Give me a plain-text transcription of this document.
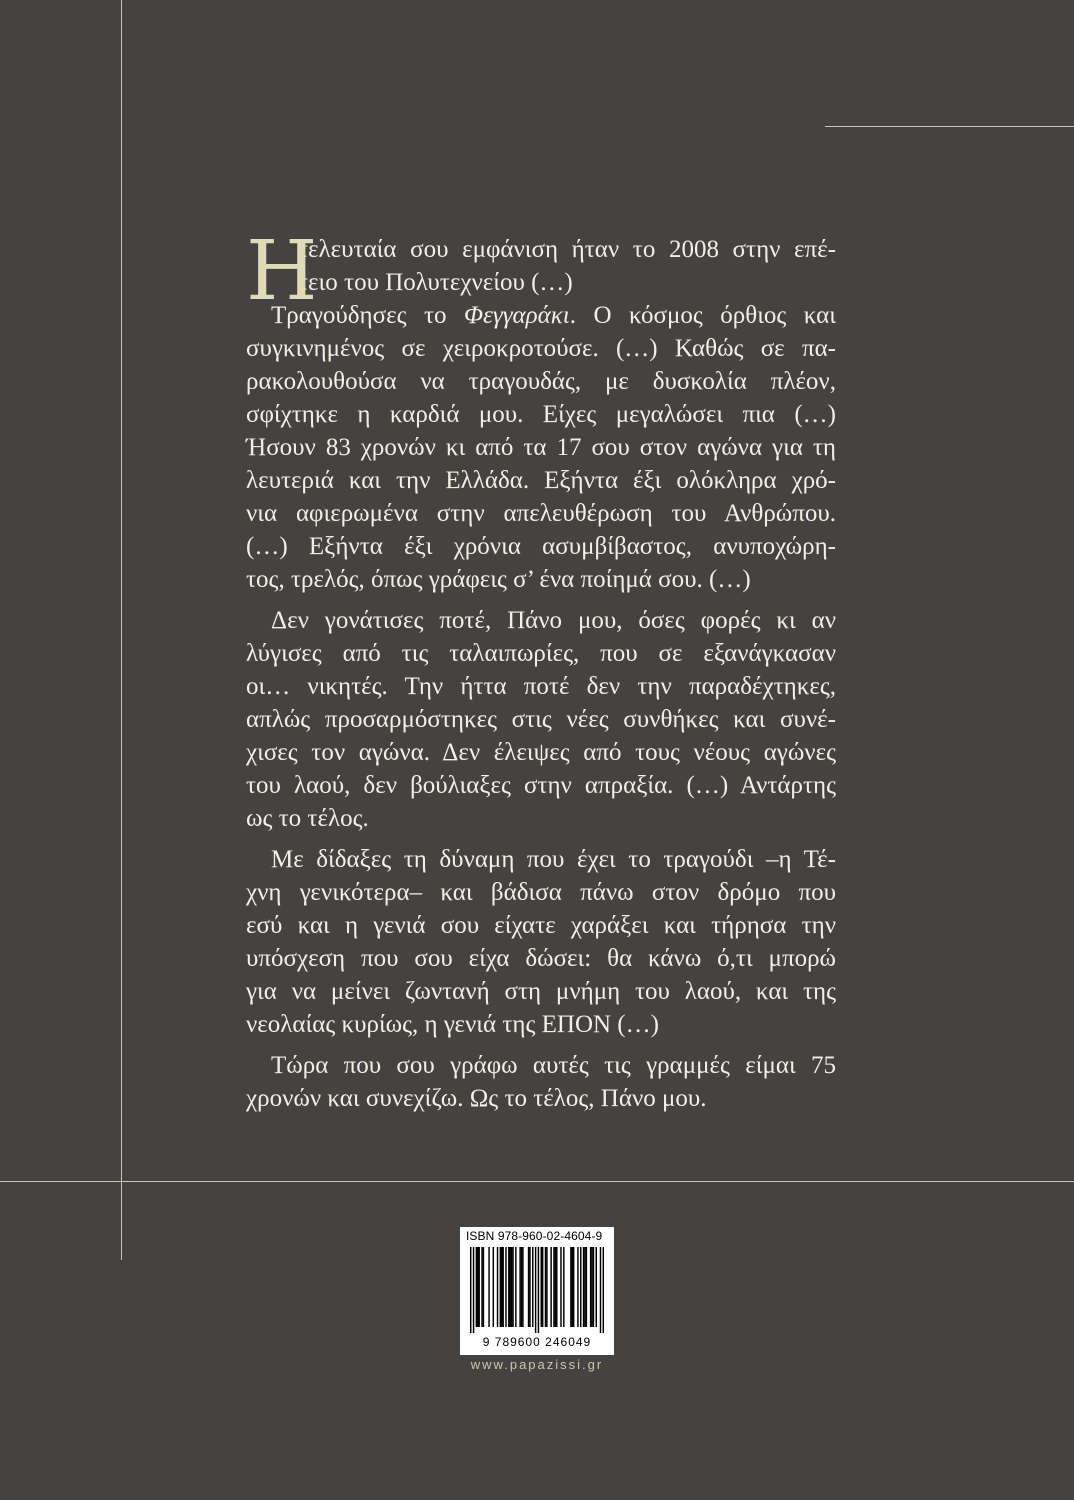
Η
τελευταία σου εμφάνιση ήταν το 2008 στην επέ-
τειο του Πολυτεχνείου (…)
Τραγούδησες το Φεγγαράκι. Ο κόσμος όρθιος και
συγκινημένος σε χειροκροτούσε. (…) Καθώς σε πα-
ρακολουθούσα να τραγουδάς, με δυσκολία πλέον,
σφίχτηκε η καρδιά μου. Είχες μεγαλώσει πια (…)
Ήσουν 83 χρονών κι από τα 17 σου στον αγώνα για τη
λευτεριά και την Ελλάδα. Εξήντα έξι ολόκληρα χρό-
νια αφιερωμένα στην απελευθέρωση του Ανθρώπου.
(…) Εξήντα έξι χρόνια ασυμβίβαστος, ανυποχώρη-
τος, τρελός, όπως γράφεις σ’ ένα ποίημά σου. (…)
Δεν γονάτισες ποτέ, Πάνο μου, όσες φορές κι αν
λύγισες από τις ταλαιπωρίες, που σε εξανάγκασαν
οι… νικητές. Την ήττα ποτέ δεν την παραδέχτηκες,
απλώς προσαρμόστηκες στις νέες συνθήκες και συνέ-
χισες τον αγώνα. Δεν έλειψες από τους νέους αγώνες
του λαού, δεν βούλιαξες στην απραξία. (…) Αντάρτης
ως το τέλος.
Με δίδαξες τη δύναμη που έχει το τραγούδι –η Τέ-
χνη γενικότερα– και βάδισα πάνω στον δρόμο που
εσύ και η γενιά σου είχατε χαράξει και τήρησα την
υπόσχεση που σου είχα δώσει: θα κάνω ό,τι μπορώ
για να μείνει ζωντανή στη μνήμη του λαού, και της
νεολαίας κυρίως, η γενιά της ΕΠΟΝ (…)
Τώρα που σου γράφω αυτές τις γραμμές είμαι 75
χρονών και συνεχίζω. Ως το τέλος, Πάνο μου.
ISBN 978-960-02-4604-9
9 789600 246049
www.papazissi.gr
